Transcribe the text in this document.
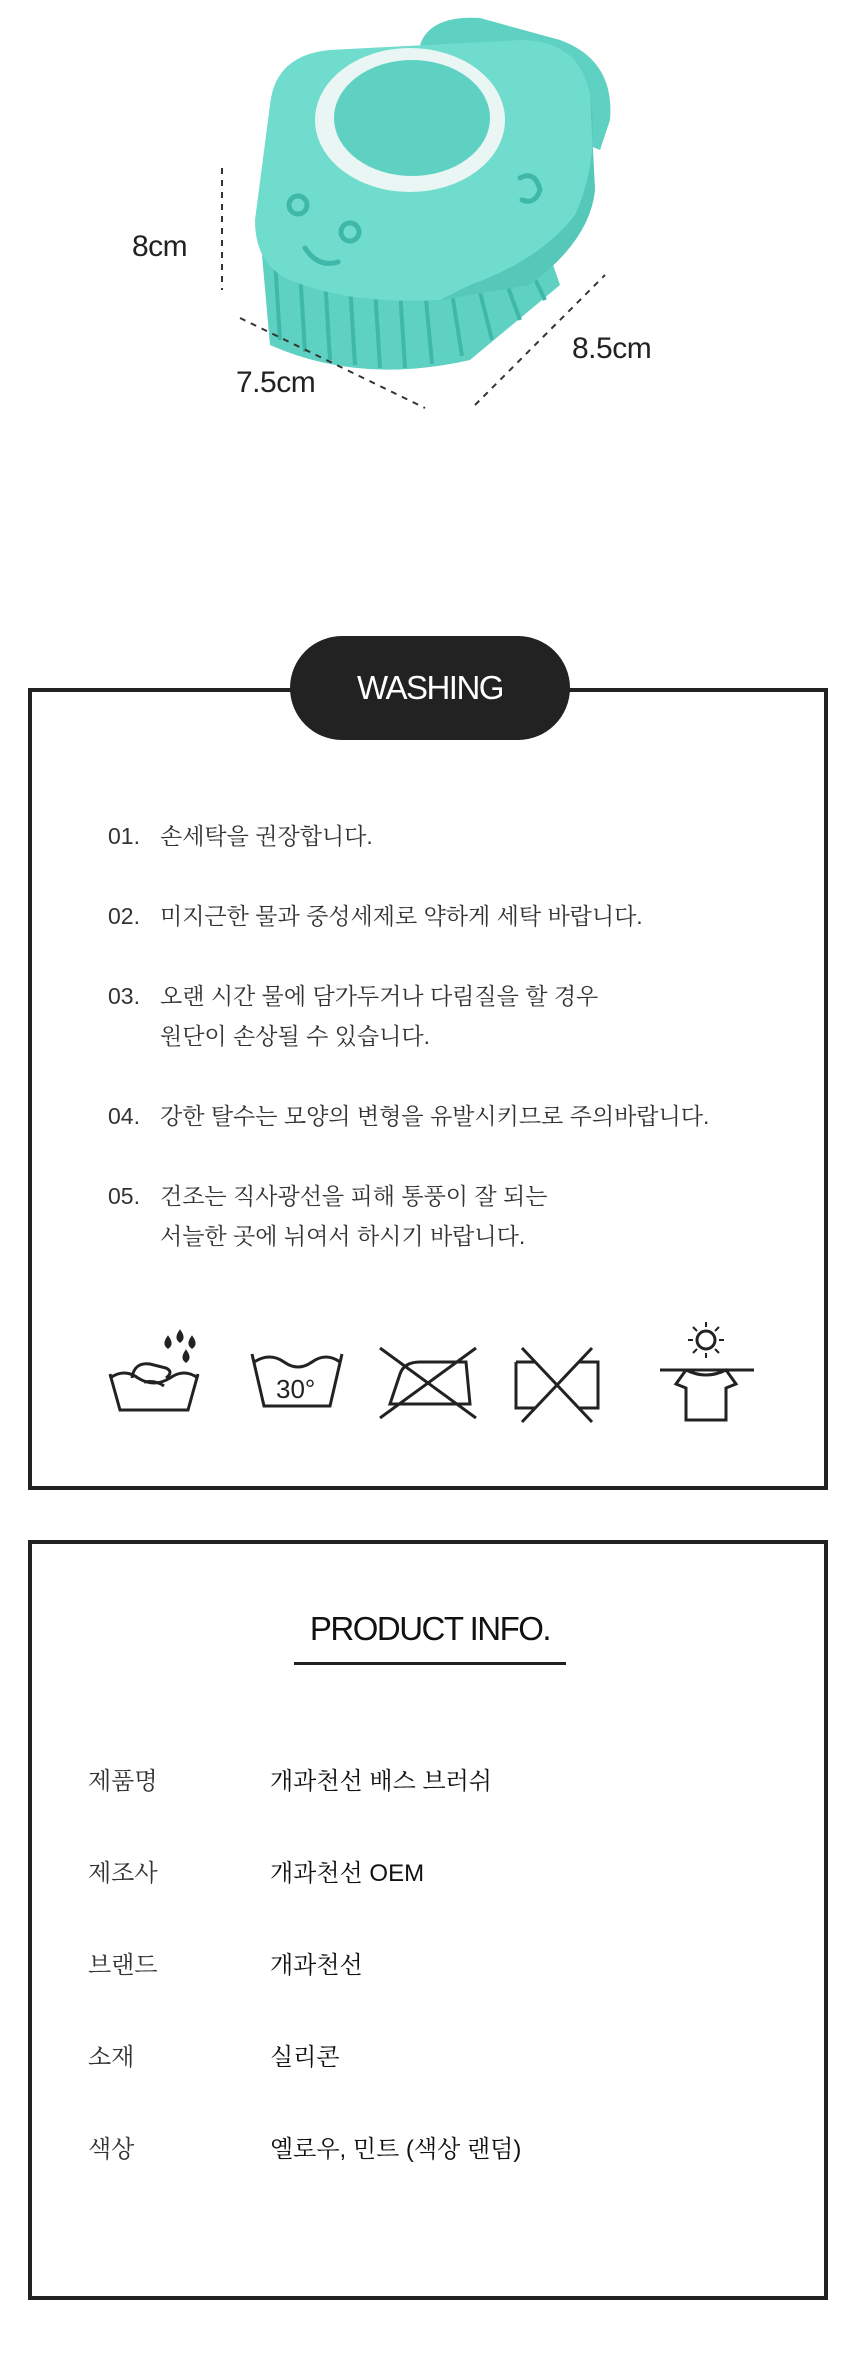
8cm
7.5cm
8.5cm
WASHING
01. 손세탁을 권장합니다.
02. 미지근한 물과 중성세제로 약하게 세탁 바랍니다.
03. 오랜 시간 물에 담가두거나 다림질을 할 경우
원단이 손상될 수 있습니다.
04. 강한 탈수는 모양의 변형을 유발시키므로 주의바랍니다.
05. 건조는 직사광선을 피해 통풍이 잘 되는
서늘한 곳에 뉘여서 하시기 바랍니다.
30°
PRODUCT INFO.
제품명	개과천선 배스 브러쉬
제조사	개과천선 OEM
브랜드	개과천선
소재	실리콘
색상	옐로우, 민트 (색상 랜덤)
